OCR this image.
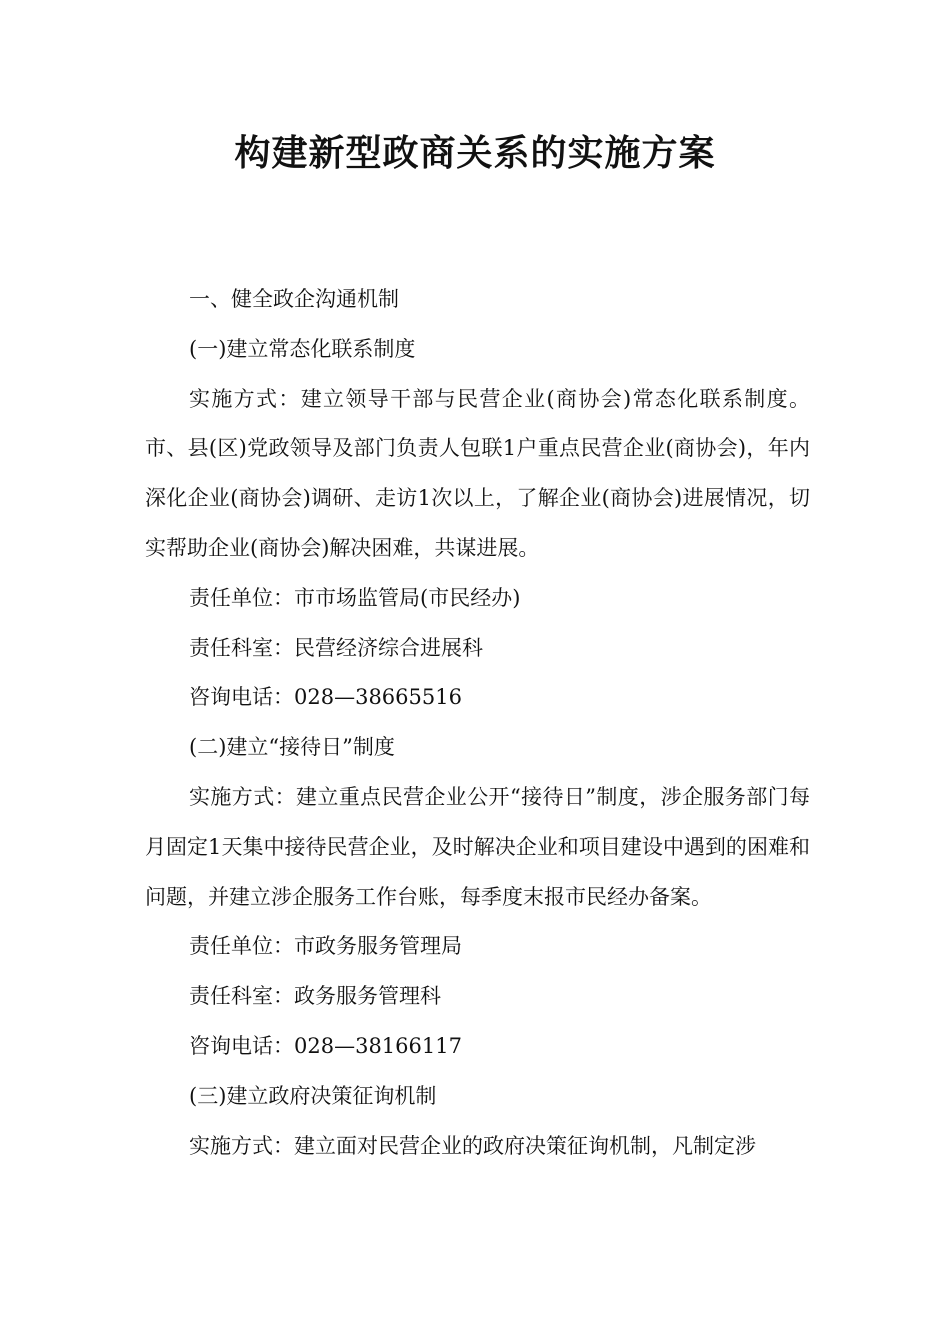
构建新型政商关系的实施方案

一、健全政企沟通机制

(一)建立常态化联系制度

实施方式：建立领导干部与民营企业(商协会)常态化联系制度。市、县(区)党政领导及部门负责人包联1户重点民营企业(商协会)，年内深化企业(商协会)调研、走访1次以上，了解企业(商协会)进展情况，切实帮助企业(商协会)解决困难，共谋进展。

责任单位：市市场监管局(市民经办)

责任科室：民营经济综合进展科

咨询电话：028—38665516

(二)建立“接待日”制度

实施方式：建立重点民营企业公开“接待日”制度，涉企服务部门每月固定1天集中接待民营企业，及时解决企业和项目建设中遇到的困难和问题，并建立涉企服务工作台账，每季度末报市民经办备案。

责任单位：市政务服务管理局

责任科室：政务服务管理科

咨询电话：028—38166117

(三)建立政府决策征询机制

实施方式：建立面对民营企业的政府决策征询机制，凡制定涉
